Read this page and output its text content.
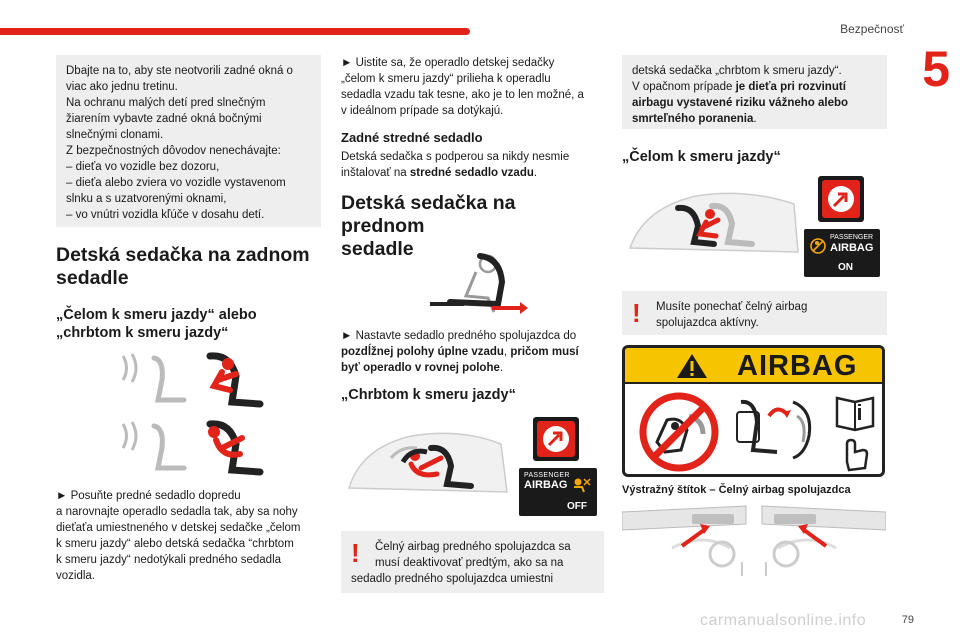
Bezpečnosť
5

Dbajte na to, aby ste neotvorili zadné okná o

viac ako jednu tretinu.

Na ochranu malých detí pred slnečným

žiarením vybavte zadné okná bočnými

slnečnými clonami.

Z bezpečnostných dôvodov nenechávajte:

– dieťa vo vozidle bez dozoru,

– dieťa alebo zviera vo vozidle vystavenom

slnku a s uzatvorenými oknami,

– vo vnútri vozidla kľúče v dosahu detí.

Detská sedačka na zadnom
sedadle
„Čelom k smeru jazdy“ alebo
„chrbtom k smeru jazdy“
► Posuňte predné sedadlo dopredu
a narovnajte operadlo sedadla tak, aby sa nohy
dieťaťa umiestneného v detskej sedačke „čelom
k smeru jazdy“ alebo detská sedačka “chrbtom
k smeru jazdy“ nedotýkali predného sedadla
vozidla.
► Uistite sa, že operadlo detskej sedačky
„čelom k smeru jazdy“ prilieha k operadlu
sedadla vzadu tak tesne, ako je to len možné, a
v ideálnom prípade sa dotýkajú.
Zadné stredné sedadlo
Detská sedačka s podperou sa nikdy nesmie
inštalovať na stredné sedadlo vzadu.
Detská sedačka na prednom
sedadle
► Nastavte sedadlo predného spolujazdca do
pozdĺžnej polohy úplne vzadu, pričom musí
byť operadlo v rovnej polohe.
„Chrbtom k smeru jazdy“
PASSENGER
AIRBAG
OFF
! Čelný airbag predného spolujazdca sa
musí deaktivovať predtým, ako sa na
sedadlo predného spolujazdca umiestni
detská sedačka „chrbtom k smeru jazdy“.
V opačnom prípade je dieťa pri rozvinutí
airbagu vystavené riziku vážneho alebo
smrteľného poranenia.
„Čelom k smeru jazdy“
PASSENGER
AIRBAG
ON
! Musíte ponechať čelný airbag
spolujazdca aktívny.
AIRBAG
Výstražný štítok – Čelný airbag spolujazdca
carmanualsonline.info	79
